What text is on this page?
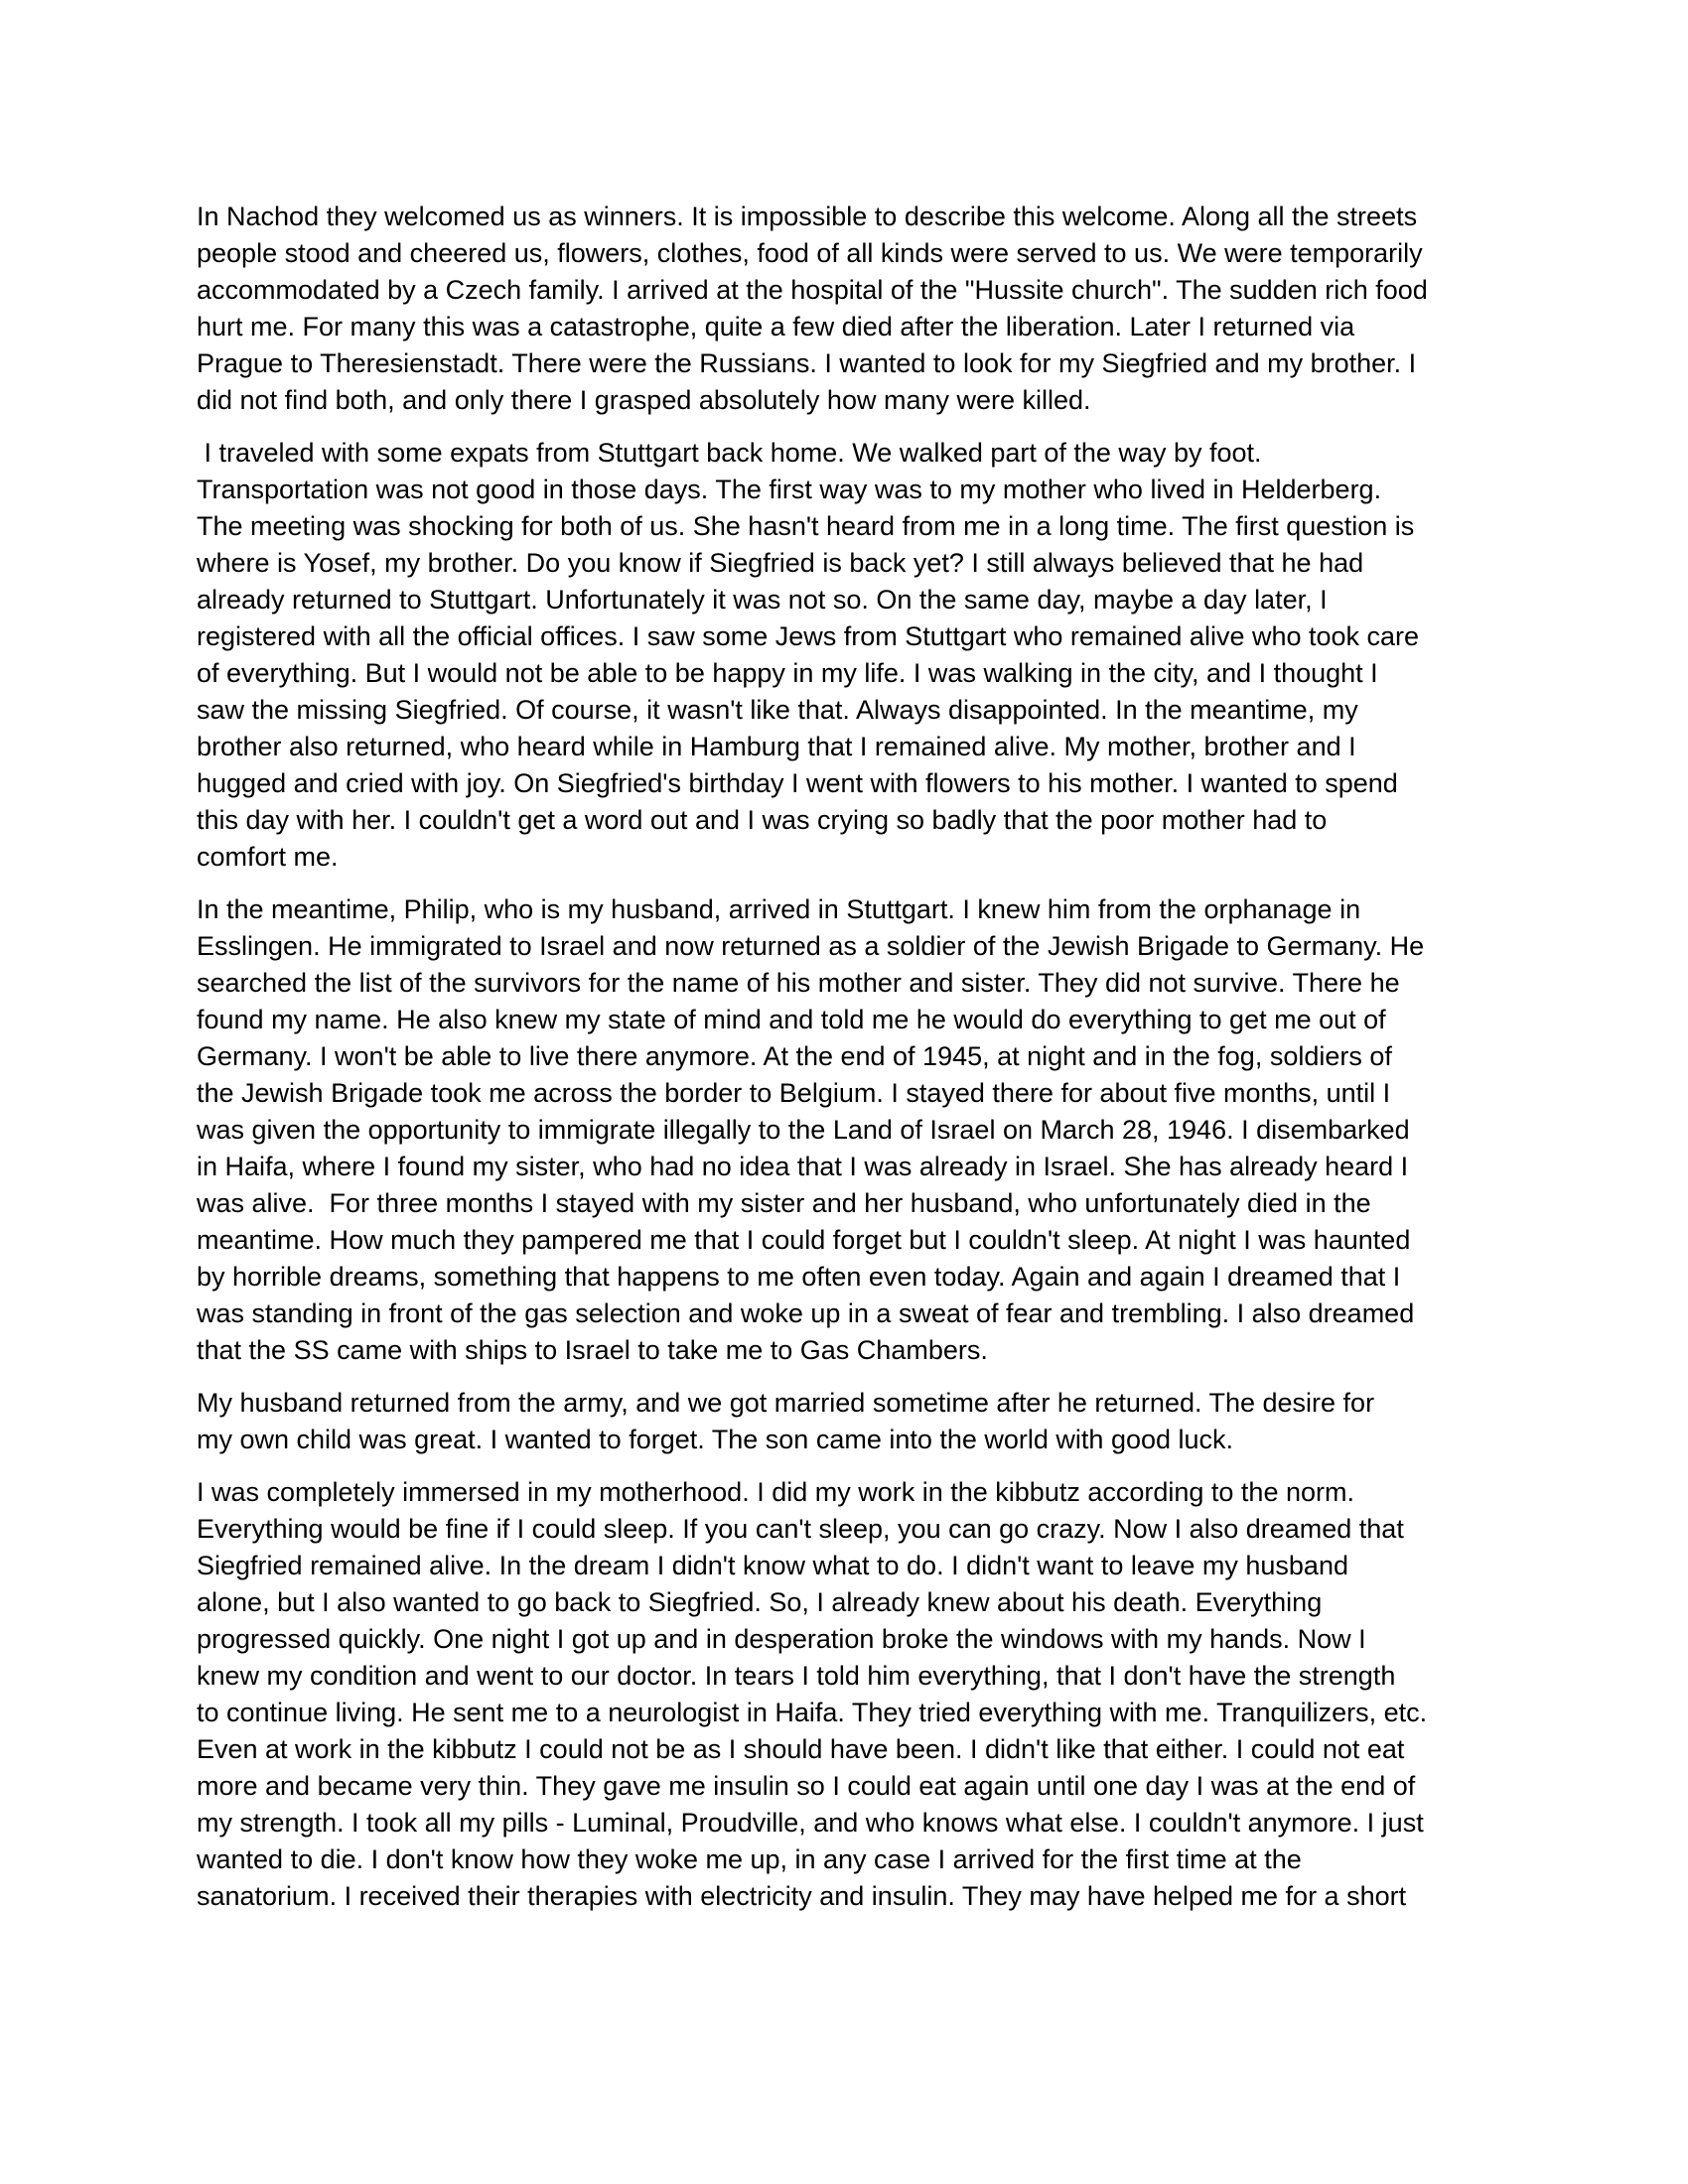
In Nachod they welcomed us as winners. It is impossible to describe this welcome. Along all the streets
people stood and cheered us, flowers, clothes, food of all kinds were served to us. We were temporarily
accommodated by a Czech family. I arrived at the hospital of the "Hussite church". The sudden rich food
hurt me. For many this was a catastrophe, quite a few died after the liberation. Later I returned via
Prague to Theresienstadt. There were the Russians. I wanted to look for my Siegfried and my brother. I
did not find both, and only there I grasped absolutely how many were killed.
I traveled with some expats from Stuttgart back home. We walked part of the way by foot.
Transportation was not good in those days. The first way was to my mother who lived in Helderberg.
The meeting was shocking for both of us. She hasn't heard from me in a long time. The first question is
where is Yosef, my brother. Do you know if Siegfried is back yet? I still always believed that he had
already returned to Stuttgart. Unfortunately it was not so. On the same day, maybe a day later, I
registered with all the official offices. I saw some Jews from Stuttgart who remained alive who took care
of everything. But I would not be able to be happy in my life. I was walking in the city, and I thought I
saw the missing Siegfried. Of course, it wasn't like that. Always disappointed. In the meantime, my
brother also returned, who heard while in Hamburg that I remained alive. My mother, brother and I
hugged and cried with joy. On Siegfried's birthday I went with flowers to his mother. I wanted to spend
this day with her. I couldn't get a word out and I was crying so badly that the poor mother had to
comfort me.
In the meantime, Philip, who is my husband, arrived in Stuttgart. I knew him from the orphanage in
Esslingen. He immigrated to Israel and now returned as a soldier of the Jewish Brigade to Germany. He
searched the list of the survivors for the name of his mother and sister. They did not survive. There he
found my name. He also knew my state of mind and told me he would do everything to get me out of
Germany. I won't be able to live there anymore. At the end of 1945, at night and in the fog, soldiers of
the Jewish Brigade took me across the border to Belgium. I stayed there for about five months, until I
was given the opportunity to immigrate illegally to the Land of Israel on March 28, 1946. I disembarked
in Haifa, where I found my sister, who had no idea that I was already in Israel. She has already heard I
was alive.  For three months I stayed with my sister and her husband, who unfortunately died in the
meantime. How much they pampered me that I could forget but I couldn't sleep. At night I was haunted
by horrible dreams, something that happens to me often even today. Again and again I dreamed that I
was standing in front of the gas selection and woke up in a sweat of fear and trembling. I also dreamed
that the SS came with ships to Israel to take me to Gas Chambers.
My husband returned from the army, and we got married sometime after he returned. The desire for
my own child was great. I wanted to forget. The son came into the world with good luck.
I was completely immersed in my motherhood. I did my work in the kibbutz according to the norm.
Everything would be fine if I could sleep. If you can't sleep, you can go crazy. Now I also dreamed that
Siegfried remained alive. In the dream I didn't know what to do. I didn't want to leave my husband
alone, but I also wanted to go back to Siegfried. So, I already knew about his death. Everything
progressed quickly. One night I got up and in desperation broke the windows with my hands. Now I
knew my condition and went to our doctor. In tears I told him everything, that I don't have the strength
to continue living. He sent me to a neurologist in Haifa. They tried everything with me. Tranquilizers, etc.
Even at work in the kibbutz I could not be as I should have been. I didn't like that either. I could not eat
more and became very thin. They gave me insulin so I could eat again until one day I was at the end of
my strength. I took all my pills - Luminal, Proudville, and who knows what else. I couldn't anymore. I just
wanted to die. I don't know how they woke me up, in any case I arrived for the first time at the
sanatorium. I received their therapies with electricity and insulin. They may have helped me for a short
